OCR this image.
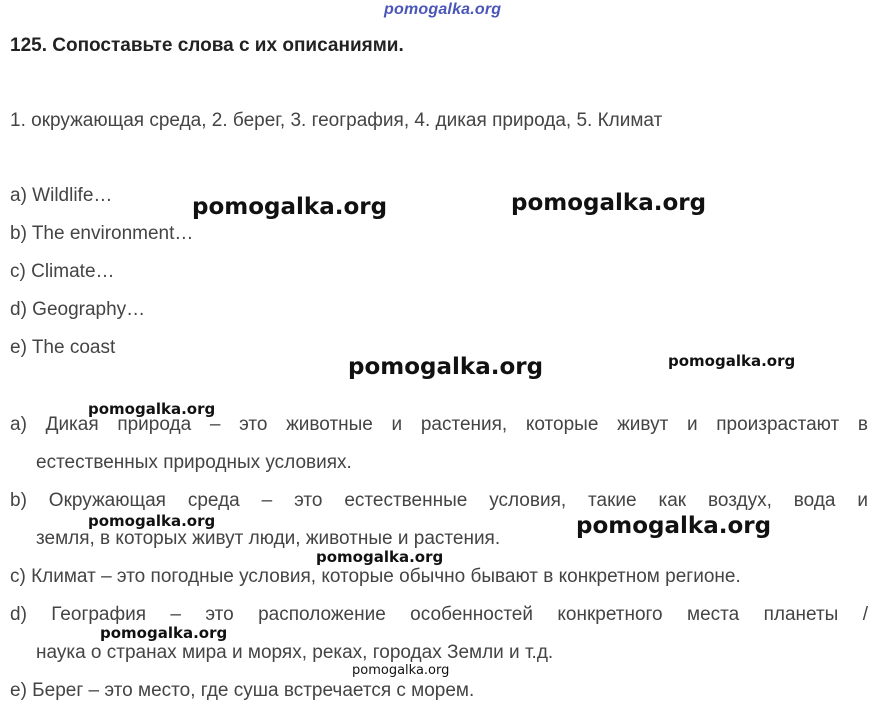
pomogalka.org
125. Сопоставьте слова с их описаниями.
1. окружающая среда, 2. берег, 3. география, 4. дикая природа, 5. Климат
a) Wildlife…
b) The environment…
c) Climate…
d) Geography…
e) The coast
a) Дикая природа – это животные и растения, которые живут и произрастают в
естественных природных условиях.
b) Окружающая среда – это естественные условия, такие как воздух, вода и
земля, в которых живут люди, животные и растения.
c) Климат – это погодные условия, которые обычно бывают в конкретном регионе.
d) География – это расположение особенностей конкретного места планеты /
наука о странах мира и морях, реках, городах Земли и т.д.
e) Берег – это место, где суша встречается с морем.
pomogalka.org	pomogalka.org
pomogalka.org	pomogalka.org
pomogalka.org
pomogalka.org	pomogalka.org
pomogalka.org
pomogalka.org
pomogalka.org
